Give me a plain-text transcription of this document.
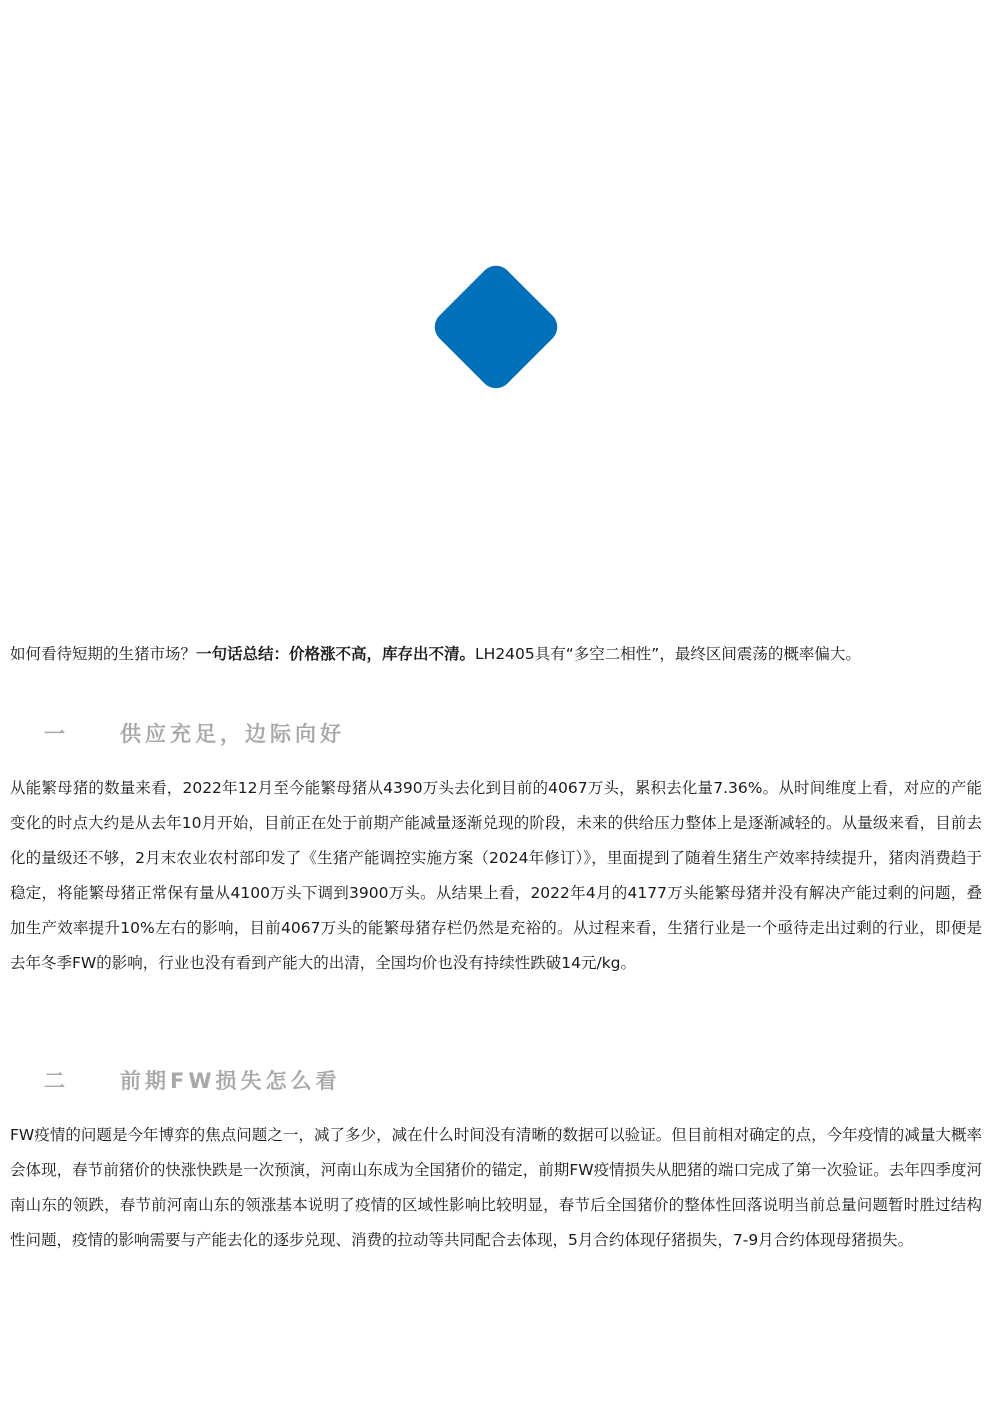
如何看待短期的生猪市场？一句话总结：价格涨不高，库存出不清。LH2405具有“多空二相性”，最终区间震荡的概率偏大。
一 供应充足，边际向好

从能繁母猪的数量来看，2022年12月至今能繁母猪从4390万头去化到目前的4067万头，累积去化量7.36%。从时间维度上看，对应的产能变化的时点大约是从去年10月开始，目前正在处于前期产能减量逐渐兑现的阶段，未来的供给压力整体上是逐渐减轻的。从量级来看，目前去化的量级还不够，2月末农业农村部印发了《生猪产能调控实施方案（2024年修订）》，里面提到了随着生猪生产效率持续提升，猪肉消费趋于稳定，将能繁母猪正常保有量从4100万头下调到3900万头。从结果上看，2022年4月的4177万头能繁母猪并没有解决产能过剩的问题，叠加生产效率提升10%左右的影响，目前4067万头的能繁母猪存栏仍然是充裕的。从过程来看，生猪行业是一个亟待走出过剩的行业，即便是去年冬季FW的影响，行业也没有看到产能大的出清，全国均价也没有持续性跌破14元/kg。

二 前期FW损失怎么看

FW疫情的问题是今年博弈的焦点问题之一，减了多少，减在什么时间没有清晰的数据可以验证。但目前相对确定的点，今年疫情的减量大概率会体现，春节前猪价的快涨快跌是一次预演，河南山东成为全国猪价的锚定，前期FW疫情损失从肥猪的端口完成了第一次验证。去年四季度河南山东的领跌，春节前河南山东的领涨基本说明了疫情的区域性影响比较明显，春节后全国猪价的整体性回落说明当前总量问题暂时胜过结构性问题，疫情的影响需要与产能去化的逐步兑现、消费的拉动等共同配合去体现，5月合约体现仔猪损失，7-9月合约体现母猪损失。
